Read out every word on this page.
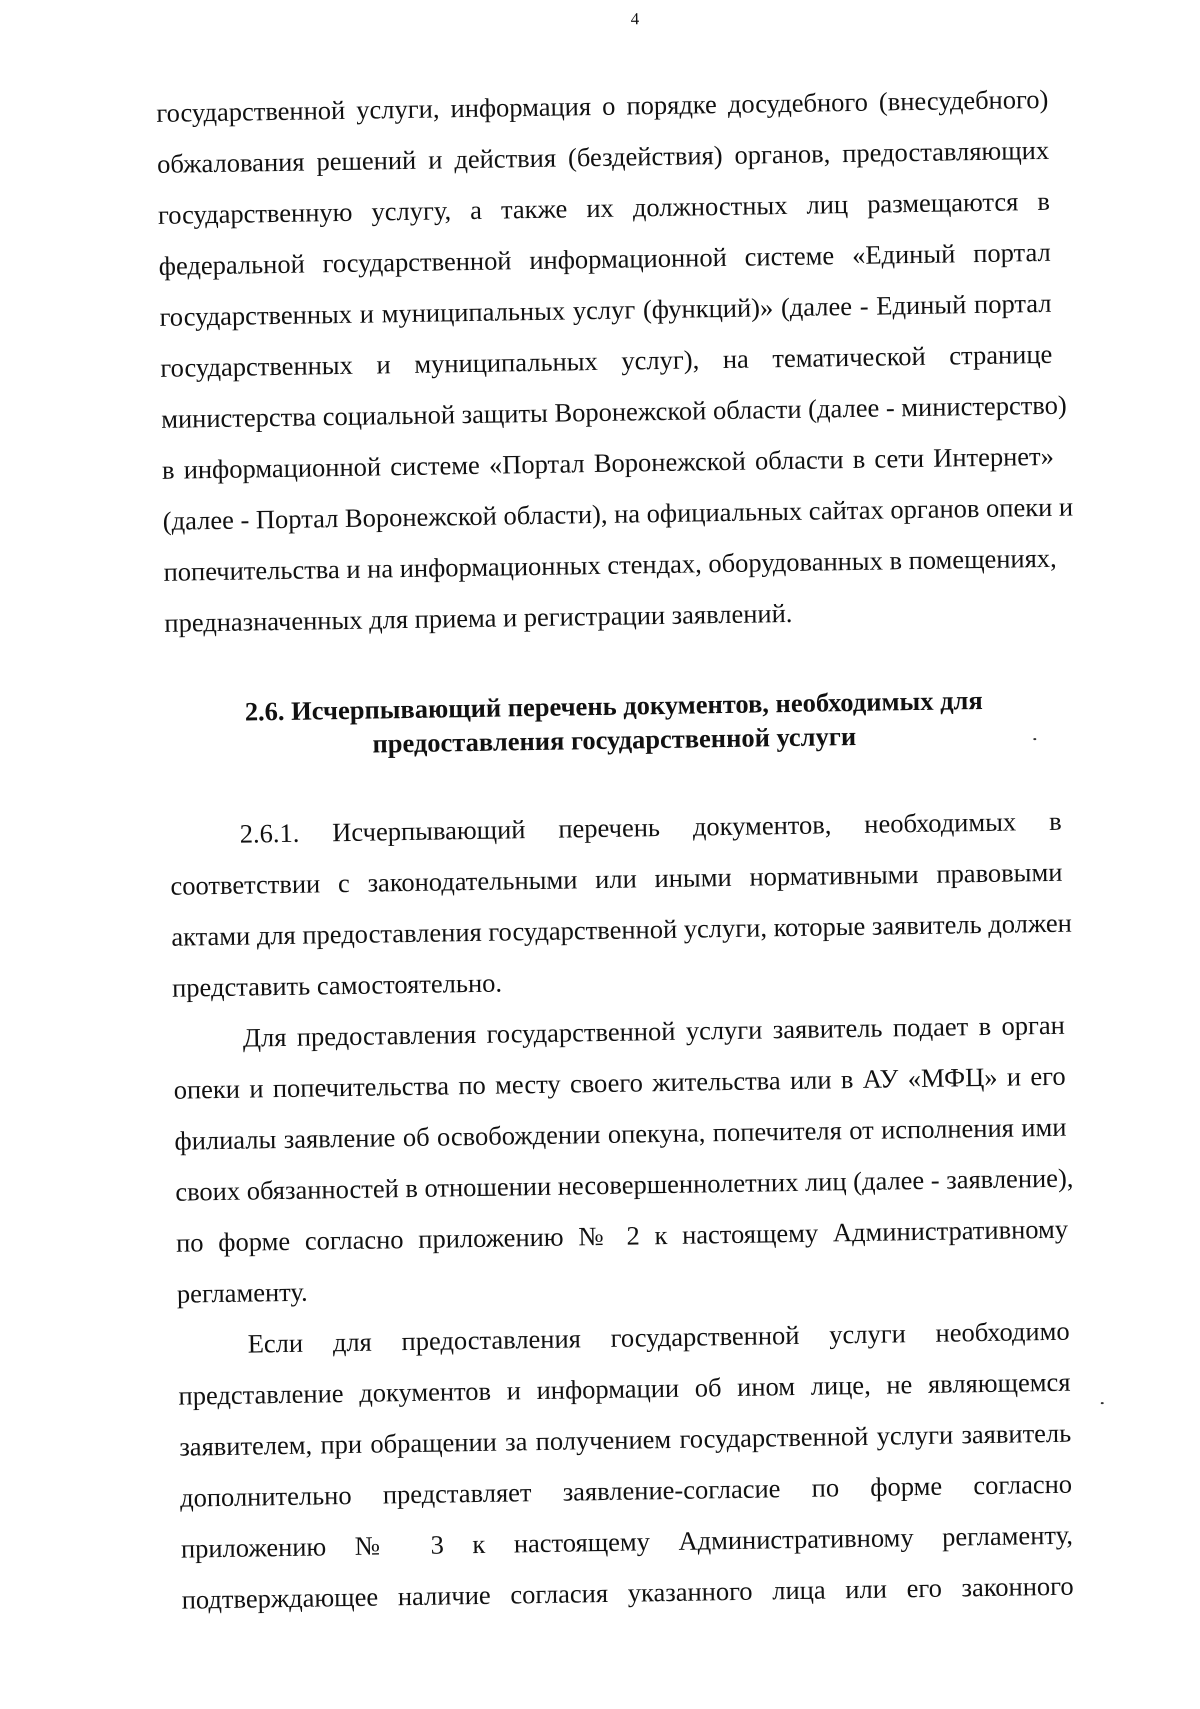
4

государственной услуги, информация о порядке досудебного (внесудебного)

обжалования решений и действия (бездействия) органов, предоставляющих

государственную услугу, а также их должностных лиц размещаются в

федеральной государственной информационной системе «Единый портал

государственных и муниципальных услуг (функций)» (далее - Единый портал

государственных и муниципальных услуг), на тематической странице

министерства социальной защиты Воронежской области (далее - министерство)

в информационной системе «Портал Воронежской области в сети Интернет»

(далее - Портал Воронежской области), на официальных сайтах органов опеки и

попечительства и на информационных стендах, оборудованных в помещениях,

предназначенных для приема и регистрации заявлений.

2.6. Исчерпывающий перечень документов, необходимых для

предоставления государственной услуги

2.6.1. Исчерпывающий перечень документов, необходимых в

соответствии с законодательными или иными нормативными правовыми

актами для предоставления государственной услуги, которые заявитель должен

представить самостоятельно.

Для предоставления государственной услуги заявитель подает в орган

опеки и попечительства по месту своего жительства или в АУ «МФЦ» и его

филиалы заявление об освобождении опекуна, попечителя от исполнения ими

своих обязанностей в отношении несовершеннолетних лиц (далее - заявление),

по форме согласно приложению № 2 к настоящему Административному

регламенту.

Если для предоставления государственной услуги необходимо

представление документов и информации об ином лице, не являющемся

заявителем, при обращении за получением государственной услуги заявитель

дополнительно представляет заявление-согласие по форме согласно

приложению № 3 к настоящему Административному регламенту,

подтверждающее наличие согласия указанного лица или его законного
